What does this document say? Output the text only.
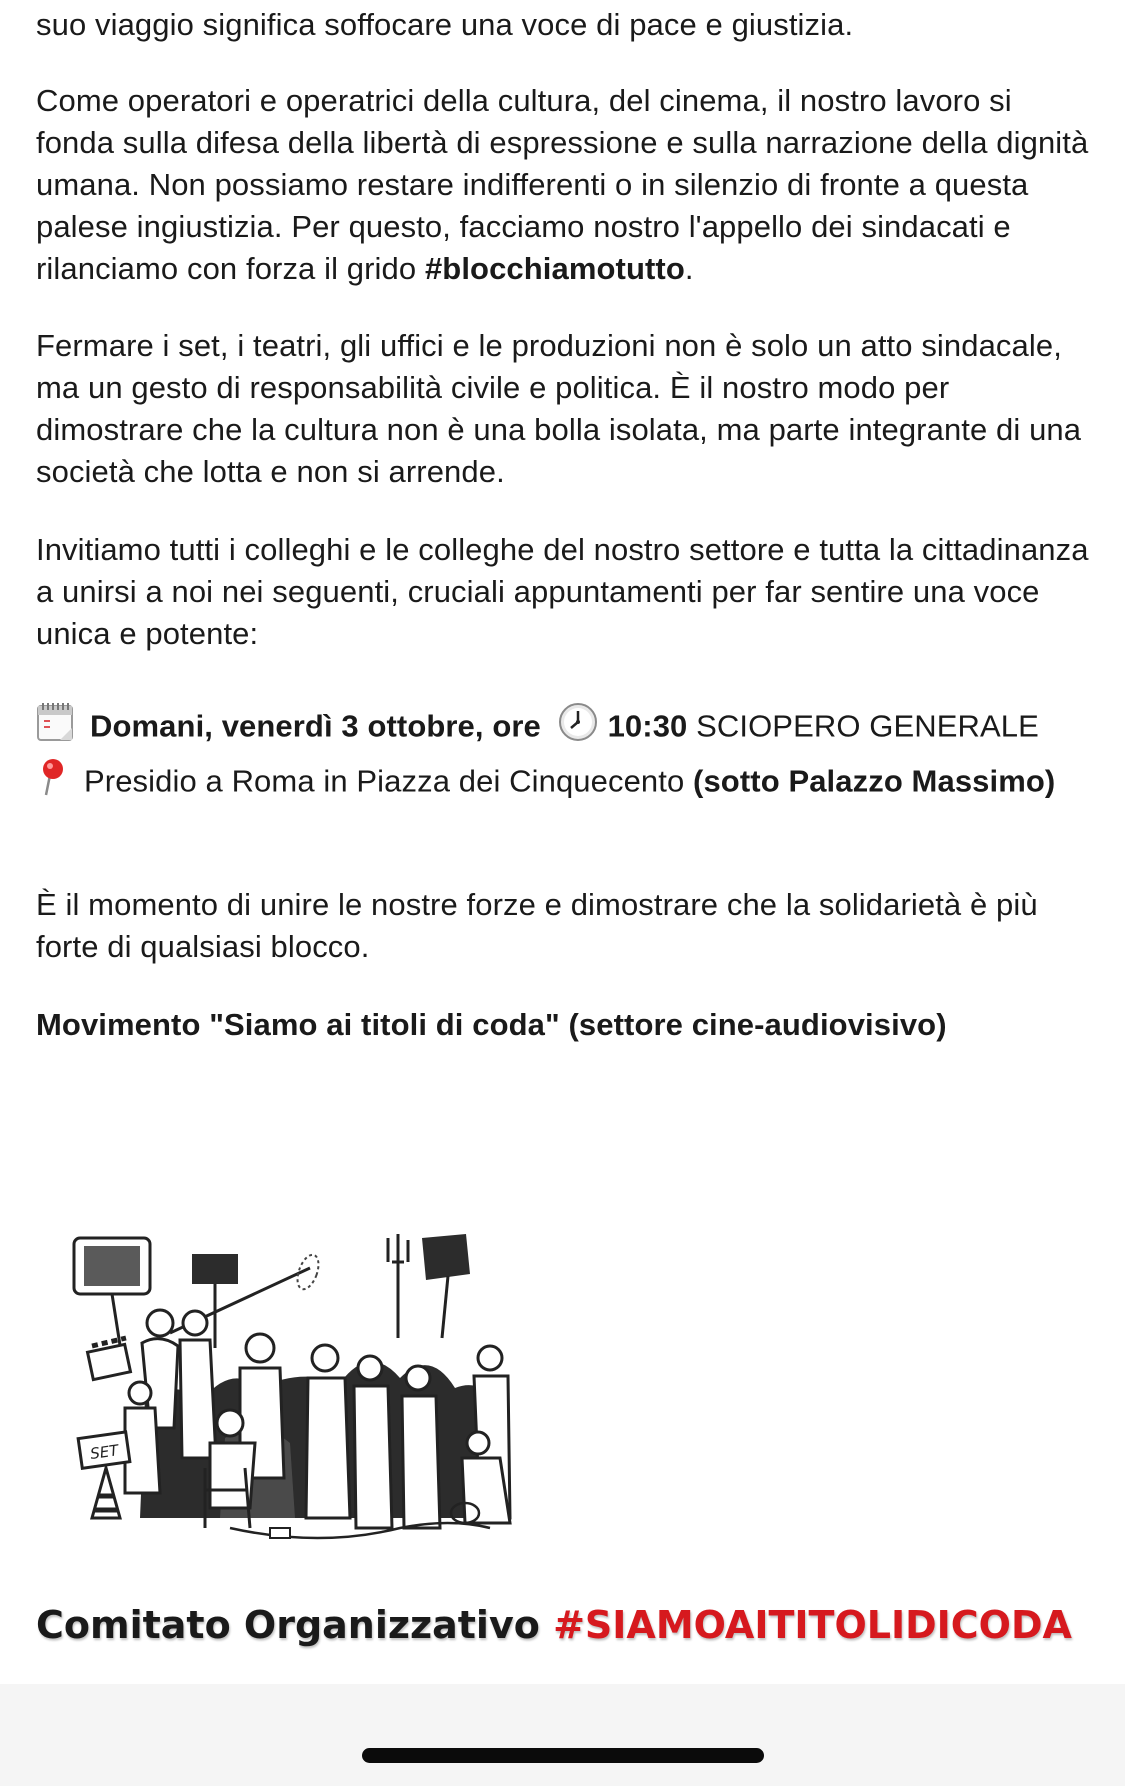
suo viaggio significa soffocare una voce di pace e giustizia.

Come operatori e operatrici della cultura, del cinema, il nostro lavoro si fonda sulla difesa della libertà di espressione e sulla narrazione della dignità umana. Non possiamo restare indifferenti o in silenzio di fronte a questa palese ingiustizia. Per questo, facciamo nostro l'appello dei sindacati e rilanciamo con forza il grido #blocchiamotutto.

Fermare i set, i teatri, gli uffici e le produzioni non è solo un atto sindacale, ma un gesto di responsabilità civile e politica. È il nostro modo per dimostrare che la cultura non è una bolla isolata, ma parte integrante di una società che lotta e non si arrende.

Invitiamo tutti i colleghi e le colleghe del nostro settore e tutta la cittadinanza a unirsi a noi nei seguenti, cruciali appuntamenti per far sentire una voce unica e potente:

Domani, venerdì 3 ottobre, ore 10:30 SCIOPERO GENERALE

Presidio a Roma in Piazza dei Cinquecento (sotto Palazzo Massimo)

È il momento di unire le nostre forze e dimostrare che la solidarietà è più forte di qualsiasi blocco.

Movimento "Siamo ai titoli di coda" (settore cine-audiovisivo)

SET
Comitato Organizzativo #SIAMOAITITOLIDICODA
